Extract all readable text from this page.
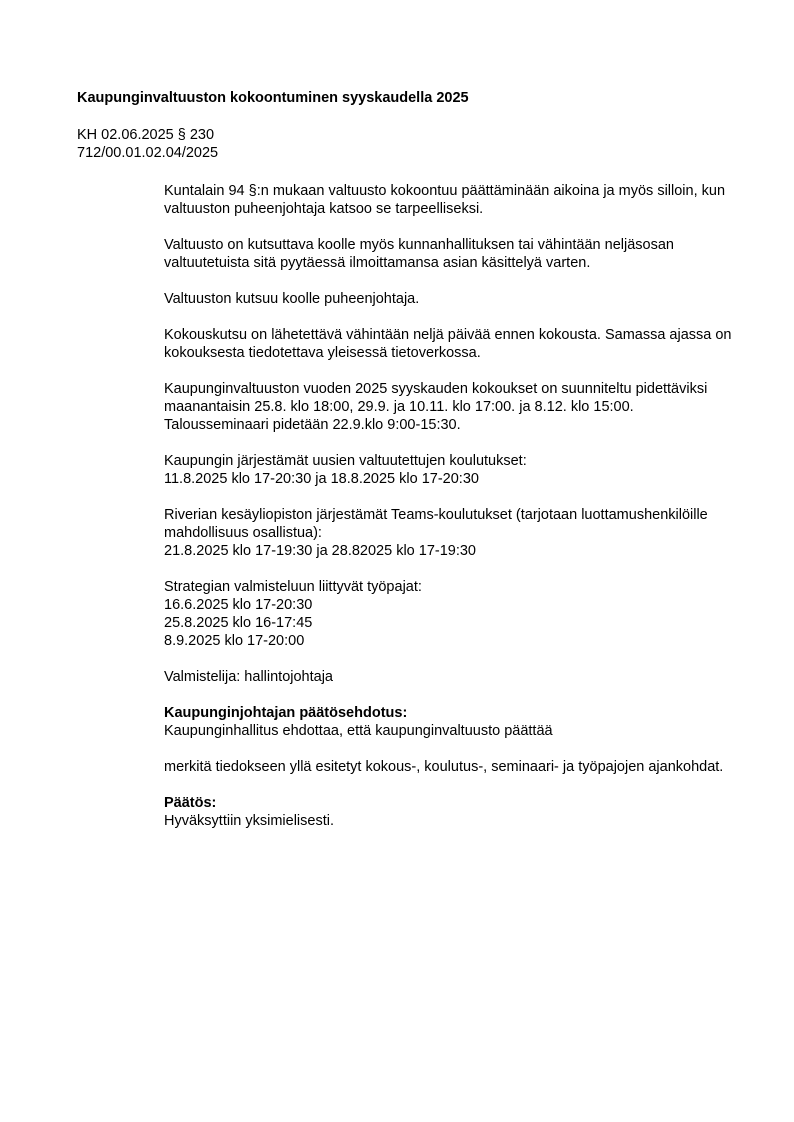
Kaupunginvaltuuston kokoontuminen syyskaudella 2025
KH 02.06.2025 § 230
712/00.01.02.04/2025

Kuntalain 94 §:n mukaan valtuusto kokoontuu päättäminään aikoina ja myös silloin, kun
valtuuston puheenjohtaja katsoo se tarpeelliseksi.

Valtuusto on kutsuttava koolle myös kunnanhallituksen tai vähintään neljäsosan
valtuutetuista sitä pyytäessä ilmoittamansa asian käsittelyä varten.

Valtuuston kutsuu koolle puheenjohtaja.

Kokouskutsu on lähetettävä vähintään neljä päivää ennen kokousta. Samassa ajassa on
kokouksesta tiedotettava yleisessä tietoverkossa.

Kaupunginvaltuuston vuoden 2025 syyskauden kokoukset on suunniteltu pidettäviksi
maanantaisin 25.8. klo 18:00, 29.9. ja 10.11. klo 17:00. ja 8.12. klo 15:00.
Talousseminaari pidetään 22.9.klo 9:00-15:30.

Kaupungin järjestämät uusien valtuutettujen koulutukset:
11.8.2025 klo 17-20:30 ja 18.8.2025 klo 17-20:30

Riverian kesäyliopiston järjestämät Teams-koulutukset (tarjotaan luottamushenkilöille
mahdollisuus osallistua):
21.8.2025 klo 17-19:30 ja 28.82025 klo 17-19:30

Strategian valmisteluun liittyvät työpajat:
16.6.2025 klo 17-20:30
25.8.2025 klo 16-17:45
8.9.2025 klo 17-20:00

Valmistelija: hallintojohtaja

Kaupunginjohtajan päätösehdotus:
Kaupunginhallitus ehdottaa, että kaupunginvaltuusto päättää

merkitä tiedokseen yllä esitetyt kokous-, koulutus-, seminaari- ja työpajojen ajankohdat.

Päätös:
Hyväksyttiin yksimielisesti.
